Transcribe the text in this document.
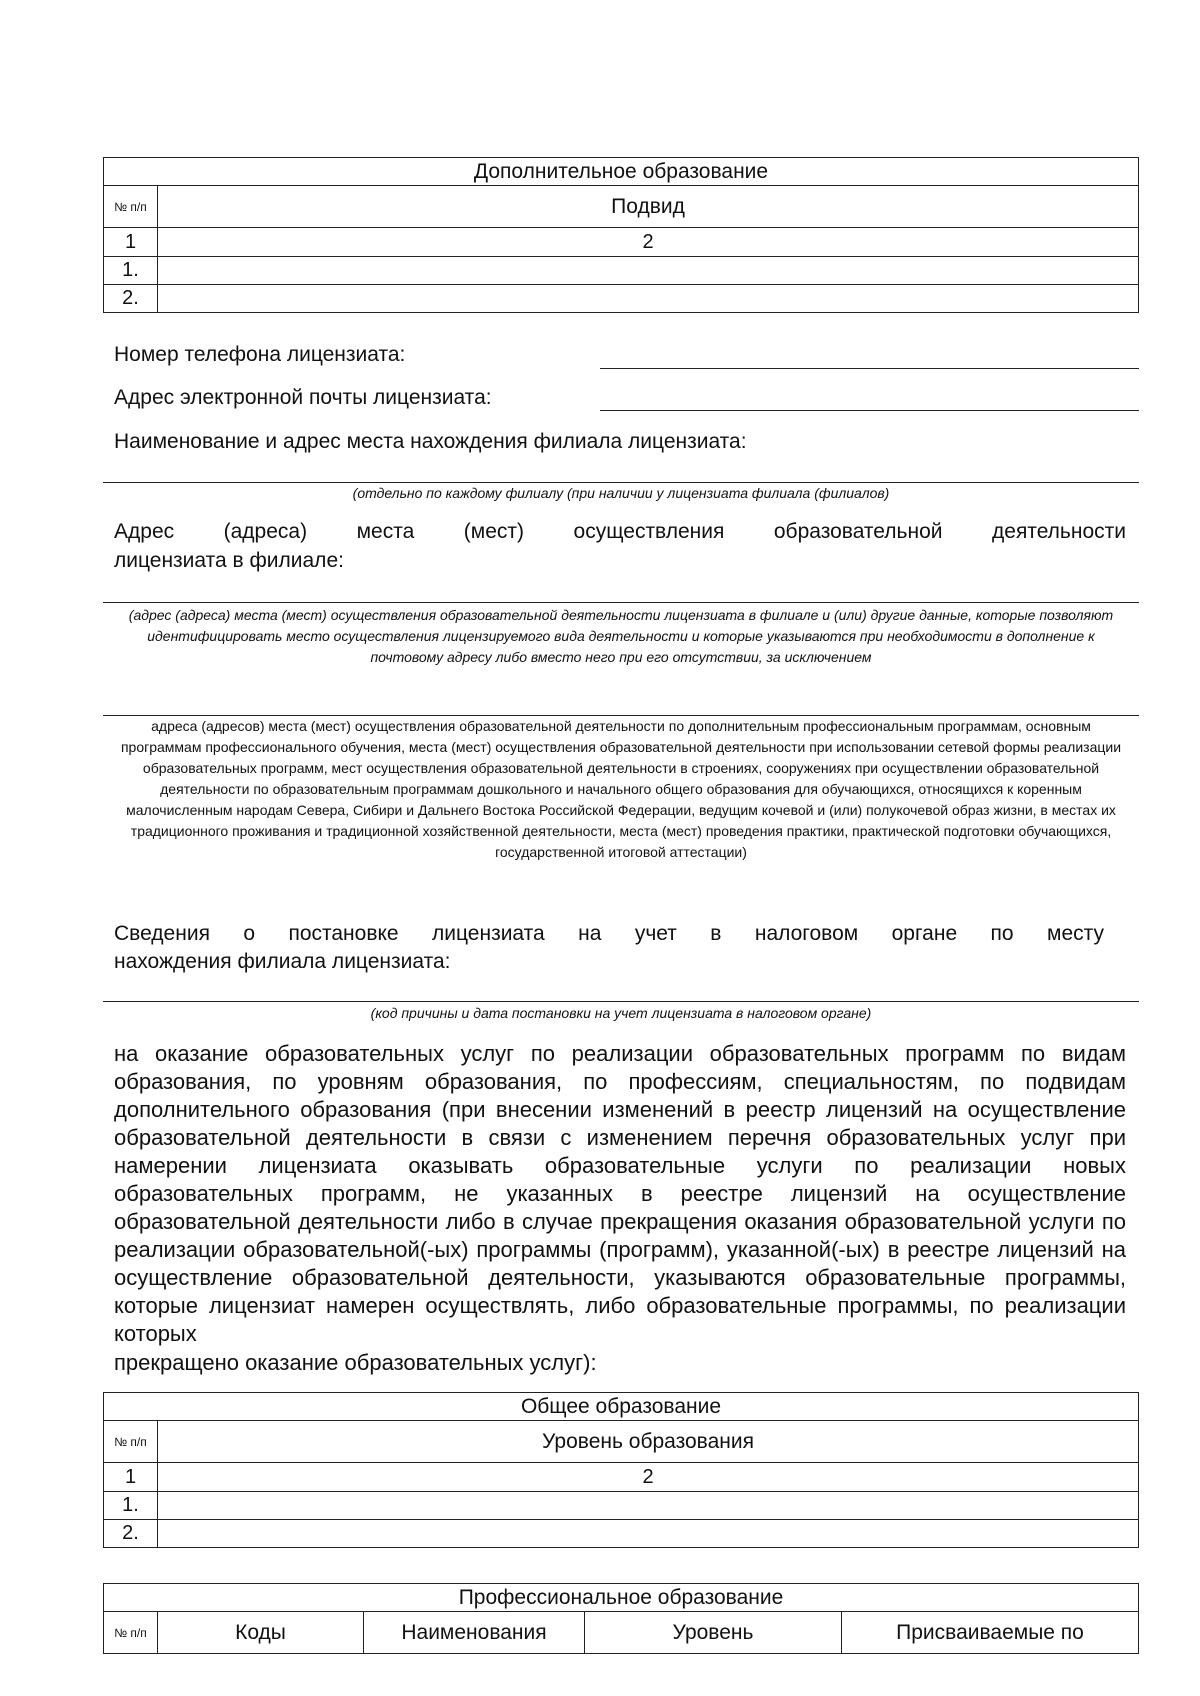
Дополнительное образование	
№ п/п	Подвид
1	2
1.	
2.	
Номер телефона лицензиата:
Адрес электронной почты лицензиата:
Наименование и адрес места нахождения филиала лицензиата:
(отдельно по каждому филиалу (при наличии у лицензиата филиала (филиалов)
Адрес (адреса) места (мест) осуществления образовательной деятельности
лицензиата в филиале:
(адрес (адреса) места (мест) осуществления образовательной деятельности лицензиата в филиале и (или) другие данные, которые позволяют идентифицировать место осуществления лицензируемого вида деятельности и которые указываются при необходимости в дополнение к почтовому адресу либо вместо него при его отсутствии, за исключением
адреса (адресов) места (мест) осуществления образовательной деятельности по дополнительным профессиональным программам, основным программам профессионального обучения, места (мест) осуществления образовательной деятельности при использовании сетевой формы реализации образовательных программ, мест осуществления образовательной деятельности в строениях, сооружениях при осуществлении образовательной деятельности по образовательным программам дошкольного и начального общего образования для обучающихся, относящихся к коренным малочисленным народам Севера, Сибири и Дальнего Востока Российской Федерации, ведущим кочевой и (или) полукочевой образ жизни, в местах их традиционного проживания и традиционной хозяйственной деятельности, места (мест) проведения практики, практической подготовки обучающихся, государственной итоговой аттестации)
Сведения о постановке лицензиата на учет в налоговом органе по месту
нахождения филиала лицензиата:
(код причины и дата постановки на учет лицензиата в налоговом органе)
на оказание образовательных услуг по реализации образовательных программ по видам образования, по уровням образования, по профессиям, специальностям, по подвидам дополнительного образования (при внесении изменений в реестр лицензий на осуществление образовательной деятельности в связи с изменением перечня образовательных услуг при намерении лицензиата оказывать образовательные услуги по реализации новых образовательных программ, не указанных в реестре лицензий на осуществление образовательной деятельности либо в случае прекращения оказания образовательной услуги по реализации образовательной(-ых) программы (программ), указанной(-ых) в реестре лицензий на осуществление образовательной деятельности, указываются образовательные программы, которые лицензиат намерен осуществлять, либо образовательные программы, по реализации которых
прекращено оказание образовательных услуг):
Общее образование	
№ п/п	Уровень образования
1	2
1.	
2.	
Профессиональное образование
№ п/п	Коды	Наименования	Уровень	Присваиваемые по
